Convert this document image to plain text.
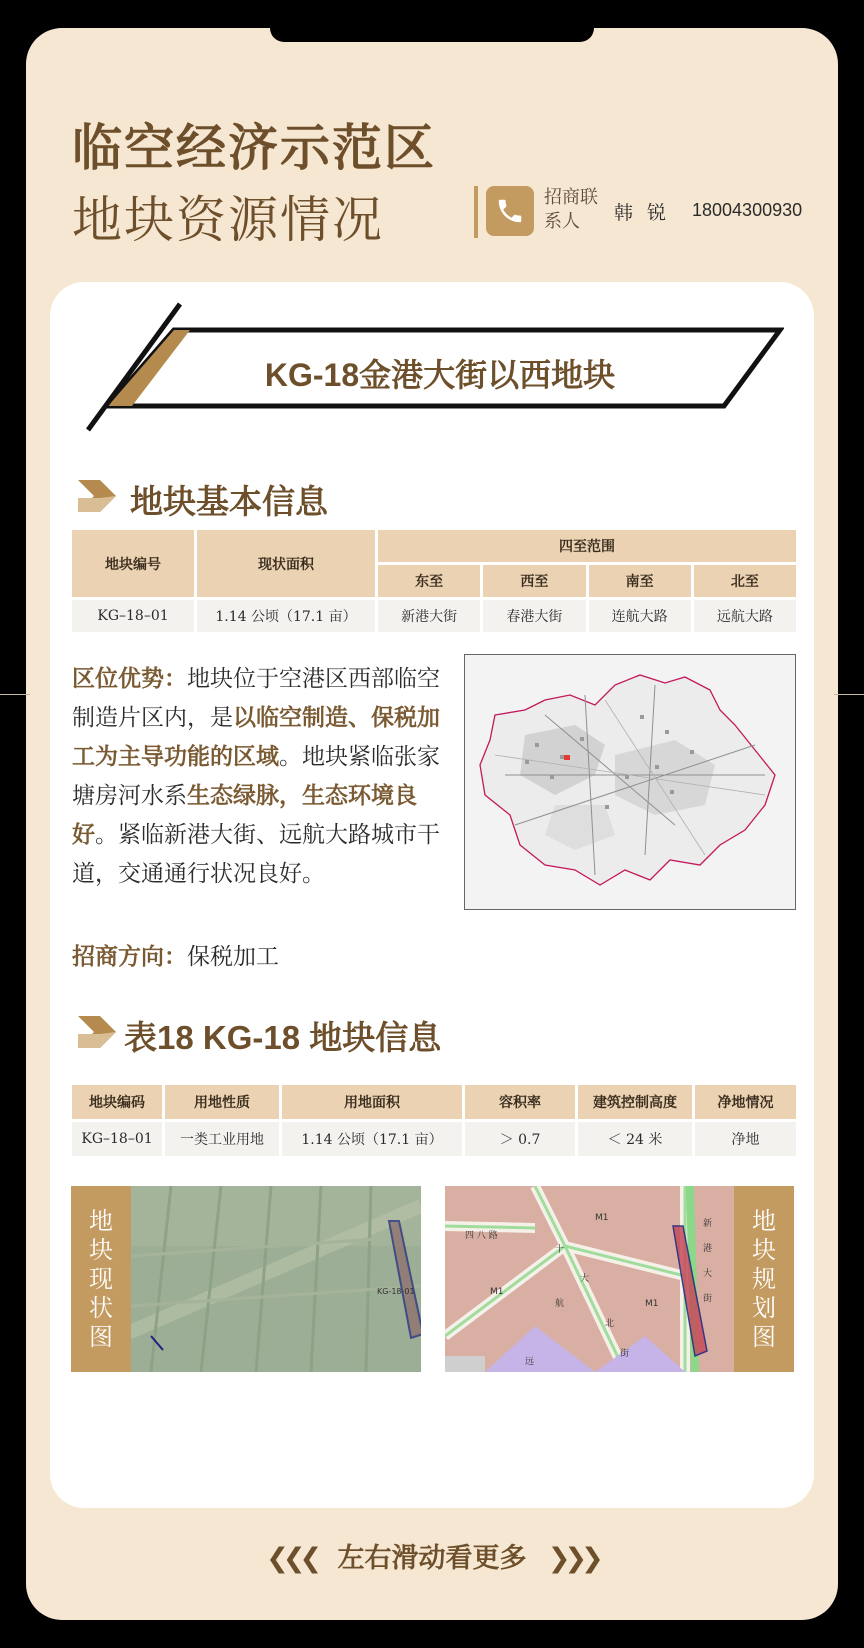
临空经济示范区
地块资源情况	招商联系人	韩 锐 18004300930
KG-18金港大街以西地块
地块基本信息
地块编号	现状面积	四至范围			
		东至	西至	南至	北至
KG–18–01	1.14 公顷（17.1 亩）	新港大街	春港大街	连航大路	远航大路
区位优势：地块位于空港区西部临空制造片区内，是以临空制造、保税加工为主导功能的区域。地块紧临张家塘房河水系生态绿脉，生态环境良好。紧临新港大街、远航大路城市干道，交通通行状况良好。
招商方向：保税加工
表18 KG-18 地块信息
地块编码	用地性质	用地面积	容积率	建筑控制高度	净地情况
KG–18–01	一类工业用地	1.14 公顷（17.1 亩）	＞ 0.7	＜ 24 米	净地
地块现状图
KG-18-01
四 八 路
M1
M1
M1
十
大
航
北
街
远
新
港
大
街
地块规划图
❮❮❮ 左右滑动看更多 ❯❯❯
